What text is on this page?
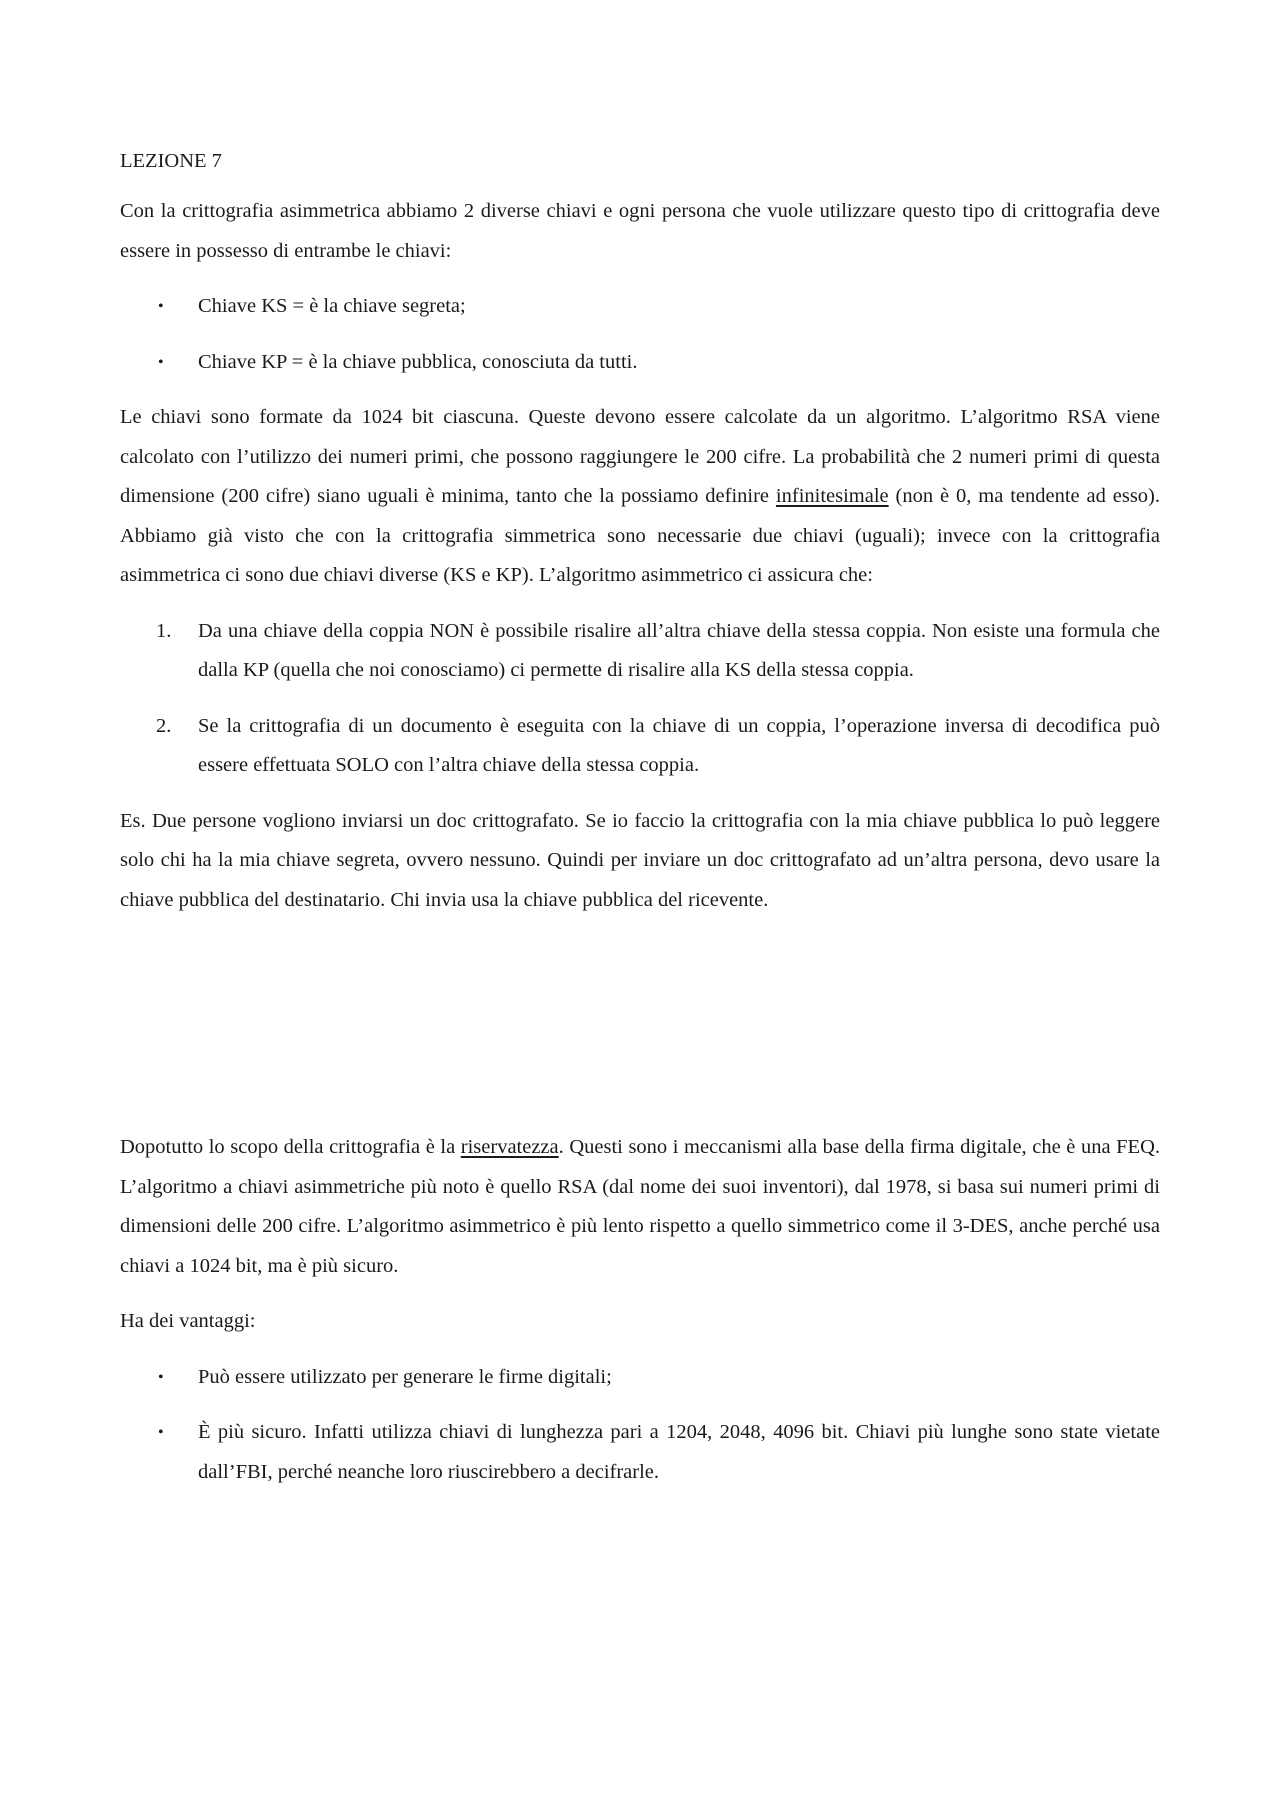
LEZIONE 7

Con la crittografia asimmetrica abbiamo 2 diverse chiavi e ogni persona che vuole utilizzare questo tipo di crittografia deve essere in possesso di entrambe le chiavi:

• Chiave KS = è la chiave segreta;
• Chiave KP = è la chiave pubblica, conosciuta da tutti.

Le chiavi sono formate da 1024 bit ciascuna. Queste devono essere calcolate da un algoritmo. L’algoritmo RSA viene calcolato con l’utilizzo dei numeri primi, che possono raggiungere le 200 cifre. La probabilità che 2 numeri primi di questa dimensione (200 cifre) siano uguali è minima, tanto che la possiamo definire infinitesimale (non è 0, ma tendente ad esso). Abbiamo già visto che con la crittografia simmetrica sono necessarie due chiavi (uguali); invece con la crittografia asimmetrica ci sono due chiavi diverse (KS e KP). L’algoritmo asimmetrico ci assicura che:

1. Da una chiave della coppia NON è possibile risalire all’altra chiave della stessa coppia. Non esiste una formula che dalla KP (quella che noi conosciamo) ci permette di risalire alla KS della stessa coppia.
2. Se la crittografia di un documento è eseguita con la chiave di un coppia, l’operazione inversa di decodifica può essere effettuata SOLO con l’altra chiave della stessa coppia.

Es. Due persone vogliono inviarsi un doc crittografato. Se io faccio la crittografia con la mia chiave pubblica lo può leggere solo chi ha la mia chiave segreta, ovvero nessuno. Quindi per inviare un doc crittografato ad un’altra persona, devo usare la chiave pubblica del destinatario. Chi invia usa la chiave pubblica del ricevente.

Dopotutto lo scopo della crittografia è la riservatezza. Questi sono i meccanismi alla base della firma digitale, che è una FEQ. L’algoritmo a chiavi asimmetriche più noto è quello RSA (dal nome dei suoi inventori), dal 1978, si basa sui numeri primi di dimensioni delle 200 cifre. L’algoritmo asimmetrico è più lento rispetto a quello simmetrico come il 3-DES, anche perché usa chiavi a 1024 bit, ma è più sicuro.

Ha dei vantaggi:

• Può essere utilizzato per generare le firme digitali;
• È più sicuro. Infatti utilizza chiavi di lunghezza pari a 1204, 2048, 4096 bit. Chiavi più lunghe sono state vietate dall’FBI, perché neanche loro riuscirebbero a decifrarle.
